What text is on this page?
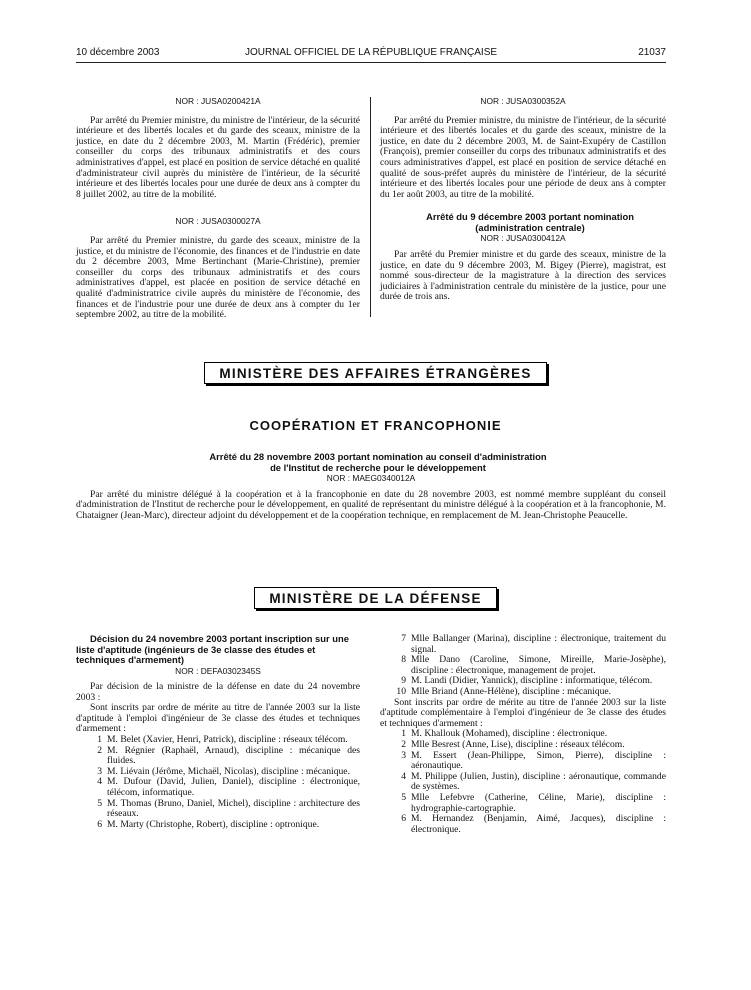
10 décembre 2003	JOURNAL OFFICIEL DE LA RÉPUBLIQUE FRANÇAISE	21037

NOR : JUSA0200421A

Par arrêté du Premier ministre, du ministre de l'intérieur, de la sécurité intérieure et des libertés locales et du garde des sceaux, ministre de la justice, en date du 2 décembre 2003, M. Martin (Frédéric), premier conseiller du corps des tribunaux administratifs et des cours administratives d'appel, est placé en position de service détaché en qualité d'administrateur civil auprès du ministère de l'intérieur, de la sécurité intérieure et des libertés locales pour une durée de deux ans à compter du 8 juillet 2002, au titre de la mobilité.

NOR : JUSA0300027A

Par arrêté du Premier ministre, du garde des sceaux, ministre de la justice, et du ministre de l'économie, des finances et de l'industrie en date du 2 décembre 2003, Mme Bertinchant (Marie-Christine), premier conseiller du corps des tribunaux administratifs et des cours administratives d'appel, est placée en position de service détaché en qualité d'administratrice civile auprès du ministère de l'économie, des finances et de l'industrie pour une durée de deux ans à compter du 1er septembre 2002, au titre de la mobilité.

NOR : JUSA0300352A

Par arrêté du Premier ministre, du ministre de l'intérieur, de la sécurité intérieure et des libertés locales et du garde des sceaux, ministre de la justice, en date du 2 décembre 2003, M. de Saint-Exupéry de Castillon (François), premier conseiller du corps des tribunaux administratifs et des cours administratives d'appel, est placé en position de service détaché en qualité de sous-préfet auprès du ministère de l'intérieur, de la sécurité intérieure et des libertés locales pour une période de deux ans à compter du 1er août 2003, au titre de la mobilité.

Arrêté du 9 décembre 2003 portant nomination

(administration centrale)

NOR : JUSA0300412A

Par arrêté du Premier ministre et du garde des sceaux, ministre de la justice, en date du 9 décembre 2003, M. Bigey (Pierre), magistrat, est nommé sous-directeur de la magistrature à la direction des services judiciaires à l'administration centrale du ministère de la justice, pour une durée de trois ans.

MINISTÈRE DES AFFAIRES ÉTRANGÈRES
COOPÉRATION ET FRANCOPHONIE

Arrêté du 28 novembre 2003 portant nomination au conseil d'administration

de l'Institut de recherche pour le développement

NOR : MAEG0340012A

Par arrêté du ministre délégué à la coopération et à la francophonie en date du 28 novembre 2003, est nommé membre suppléant du conseil d'administration de l'Institut de recherche pour le développement, en qualité de représentant du ministre délégué à la coopération et à la francophonie, M. Chataigner (Jean-Marc), directeur adjoint du développement et de la coopération technique, en remplacement de M. Jean-Christophe Peaucelle.

MINISTÈRE DE LA DÉFENSE

Décision du 24 novembre 2003 portant inscription sur une liste d'aptitude (ingénieurs de 3e classe des études et techniques d'armement)

NOR : DEFA0302345S

Par décision de la ministre de la défense en date du 24 novembre 2003 :

Sont inscrits par ordre de mérite au titre de l'année 2003 sur la liste d'aptitude à l'emploi d'ingénieur de 3e classe des études et techniques d'armement :

1 M. Belet (Xavier, Henri, Patrick), discipline : réseaux télécom.
2 M. Régnier (Raphaël, Arnaud), discipline : mécanique des fluides.
3 M. Liévain (Jérôme, Michaël, Nicolas), discipline : mécanique.
4 M. Dufour (David, Julien, Daniel), discipline : électronique, télécom, informatique.
5 M. Thomas (Bruno, Daniel, Michel), discipline : architecture des réseaux.
6 M. Marty (Christophe, Robert), discipline : optronique.
7 Mlle Ballanger (Marina), discipline : électronique, traitement du signal.
8 Mlle Dano (Caroline, Simone, Mireille, Marie-Josèphe), discipline : électronique, management de projet.
9 M. Landi (Didier, Yannick), discipline : informatique, télécom.
10 Mlle Briand (Anne-Hélène), discipline : mécanique.

Sont inscrits par ordre de mérite au titre de l'année 2003 sur la liste d'aptitude complémentaire à l'emploi d'ingénieur de 3e classe des études et techniques d'armement :

1 M. Khallouk (Mohamed), discipline : électronique.
2 Mlle Besrest (Anne, Lise), discipline : réseaux télécom.
3 M. Essert (Jean-Philippe, Simon, Pierre), discipline : aéronautique.
4 M. Philippe (Julien, Justin), discipline : aéronautique, commande de systèmes.
5 Mlle Lefebvre (Catherine, Céline, Marie), discipline : hydrographie-cartographie.
6 M. Hernandez (Benjamin, Aimé, Jacques), discipline : électronique.
